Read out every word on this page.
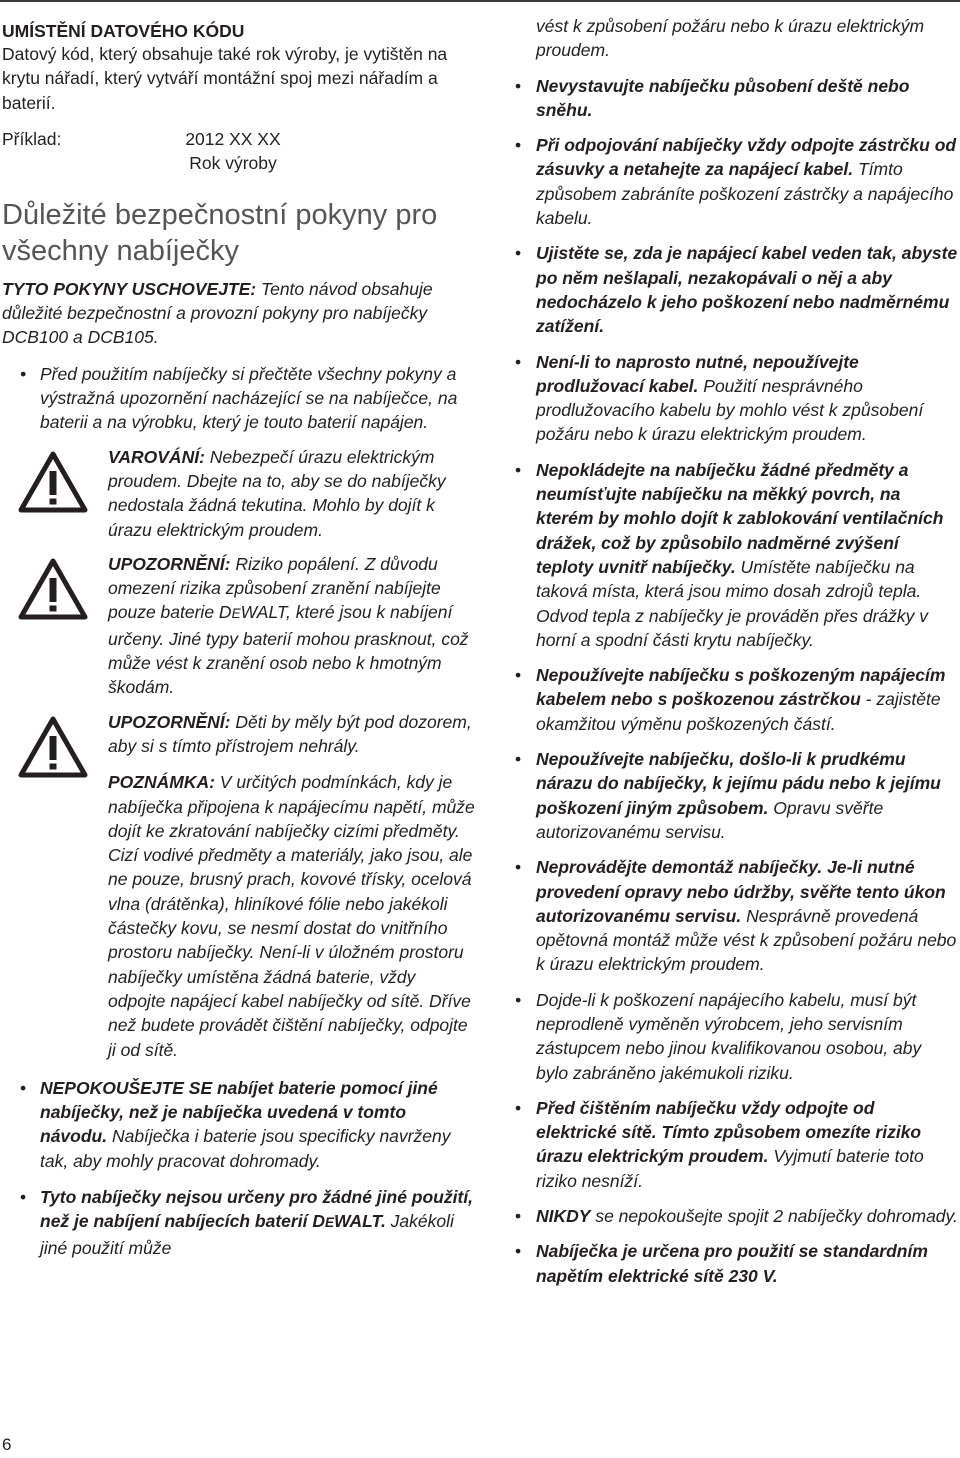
UMÍSTĚNÍ DATOVÉHO KÓDU

Datový kód, který obsahuje také rok výroby, je vytištěn na krytu nářadí, který vytváří montážní spoj mezi nářadím a baterií.

Příklad:	2012 XX XX
Rok výroby
Důležité bezpečnostní pokyny pro všechny nabíječky

TYTO POKYNY USCHOVEJTE: Tento návod obsahuje důležité bezpečnostní a provozní pokyny pro nabíječky DCB100 a DCB105.

• Před použitím nabíječky si přečtěte všechny pokyny a výstražná upozornění nacházející se na nabíječce, na baterii a na výrobku, který je touto baterií napájen.

VAROVÁNÍ: Nebezpečí úrazu elektrickým proudem. Dbejte na to, aby se do nabíječky nedostala žádná tekutina. Mohlo by dojít k úrazu elektrickým proudem.

UPOZORNĚNÍ: Riziko popálení. Z důvodu omezení rizika způsobení zranění nabíjejte pouze baterie DEWALT, které jsou k nabíjení určeny. Jiné typy baterií mohou prasknout, což může vést k zranění osob nebo k hmotným škodám.

UPOZORNĚNÍ: Děti by měly být pod dozorem, aby si s tímto přístrojem nehrály.

POZNÁMKA: V určitých podmínkách, kdy je nabíječka připojena k napájecímu napětí, může dojít ke zkratování nabíječky cizími předměty. Cizí vodivé předměty a materiály, jako jsou, ale ne pouze, brusný prach, kovové třísky, ocelová vlna (drátěnka), hliníkové fólie nebo jakékoli částečky kovu, se nesmí dostat do vnitřního prostoru nabíječky. Není-li v úložném prostoru nabíječky umístěna žádná baterie, vždy odpojte napájecí kabel nabíječky od sítě. Dříve než budete provádět čištění nabíječky, odpojte ji od sítě.

• NEPOKOUŠEJTE SE nabíjet baterie pomocí jiné nabíječky, než je nabíječka uvedená v tomto návodu. Nabíječka i baterie jsou specificky navrženy tak, aby mohly pracovat dohromady.

• Tyto nabíječky nejsou určeny pro žádné jiné použití, než je nabíjení nabíjecích baterií DEWALT. Jakékoli jiné použití může

vést k způsobení požáru nebo k úrazu elektrickým proudem.

• Nevystavujte nabíječku působení deště nebo sněhu.

• Při odpojování nabíječky vždy odpojte zástrčku od zásuvky a netahejte za napájecí kabel. Tímto způsobem zabráníte poškození zástrčky a napájecího kabelu.

• Ujistěte se, zda je napájecí kabel veden tak, abyste po něm nešlapali, nezakopávali o něj a aby nedocházelo k jeho poškození nebo nadměrnému zatížení.

• Není-li to naprosto nutné, nepoužívejte prodlužovací kabel. Použití nesprávného prodlužovacího kabelu by mohlo vést k způsobení požáru nebo k úrazu elektrickým proudem.

• Nepokládejte na nabíječku žádné předměty a neumísťujte nabíječku na měkký povrch, na kterém by mohlo dojít k zablokování ventilačních drážek, což by způsobilo nadměrné zvýšení teploty uvnitř nabíječky. Umístěte nabíječku na taková místa, která jsou mimo dosah zdrojů tepla. Odvod tepla z nabíječky je prováděn přes drážky v horní a spodní části krytu nabíječky.

• Nepoužívejte nabíječku s poškozeným napájecím kabelem nebo s poškozenou zástrčkou - zajistěte okamžitou výměnu poškozených částí.

• Nepoužívejte nabíječku, došlo-li k prudkému nárazu do nabíječky, k jejímu pádu nebo k jejímu poškození jiným způsobem. Opravu svěřte autorizovanému servisu.

• Neprovádějte demontáž nabíječky. Je-li nutné provedení opravy nebo údržby, svěřte tento úkon autorizovanému servisu. Nesprávně provedená opětovná montáž může vést k způsobení požáru nebo k úrazu elektrickým proudem.

• Dojde-li k poškození napájecího kabelu, musí být neprodleně vyměněn výrobcem, jeho servisním zástupcem nebo jinou kvalifikovanou osobou, aby bylo zabráněno jakémukoli riziku.

• Před čištěním nabíječku vždy odpojte od elektrické sítě. Tímto způsobem omezíte riziko úrazu elektrickým proudem. Vyjmutí baterie toto riziko nesníží.

• NIKDY se nepokoušejte spojit 2 nabíječky dohromady.

• Nabíječka je určena pro použití se standardním napětím elektrické sítě 230 V.

6
